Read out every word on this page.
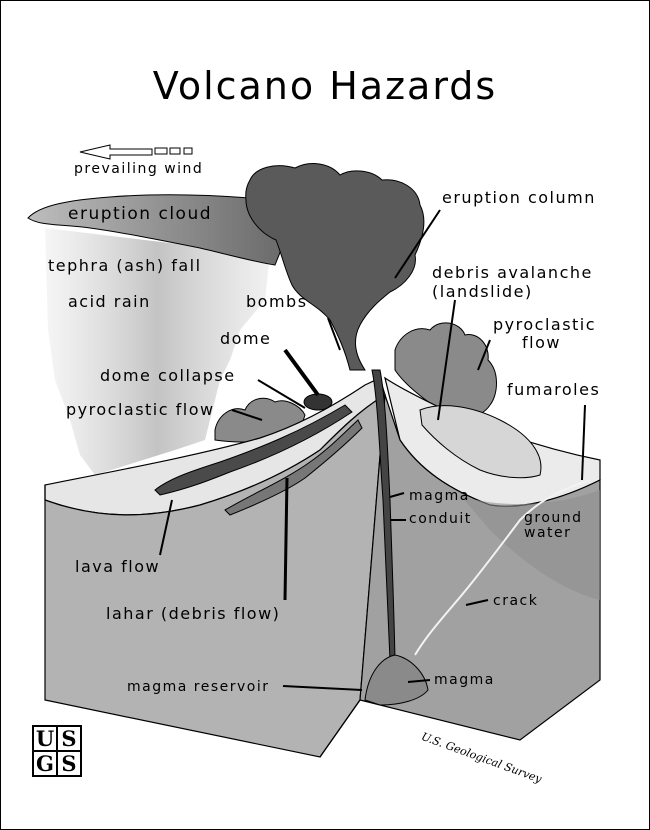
Volcano Hazards
prevailing wind
eruption cloud
eruption column
tephra (ash) fall
acid rain	bombs
debris avalanche
(landslide)
pyroclastic
flow
dome
dome collapse
pyroclastic flow
fumaroles
magma
conduit	ground
water
lava flow
lahar (debris flow)
crack
magma reservoir	magma
U.S. Geological Survey
U S
G S
